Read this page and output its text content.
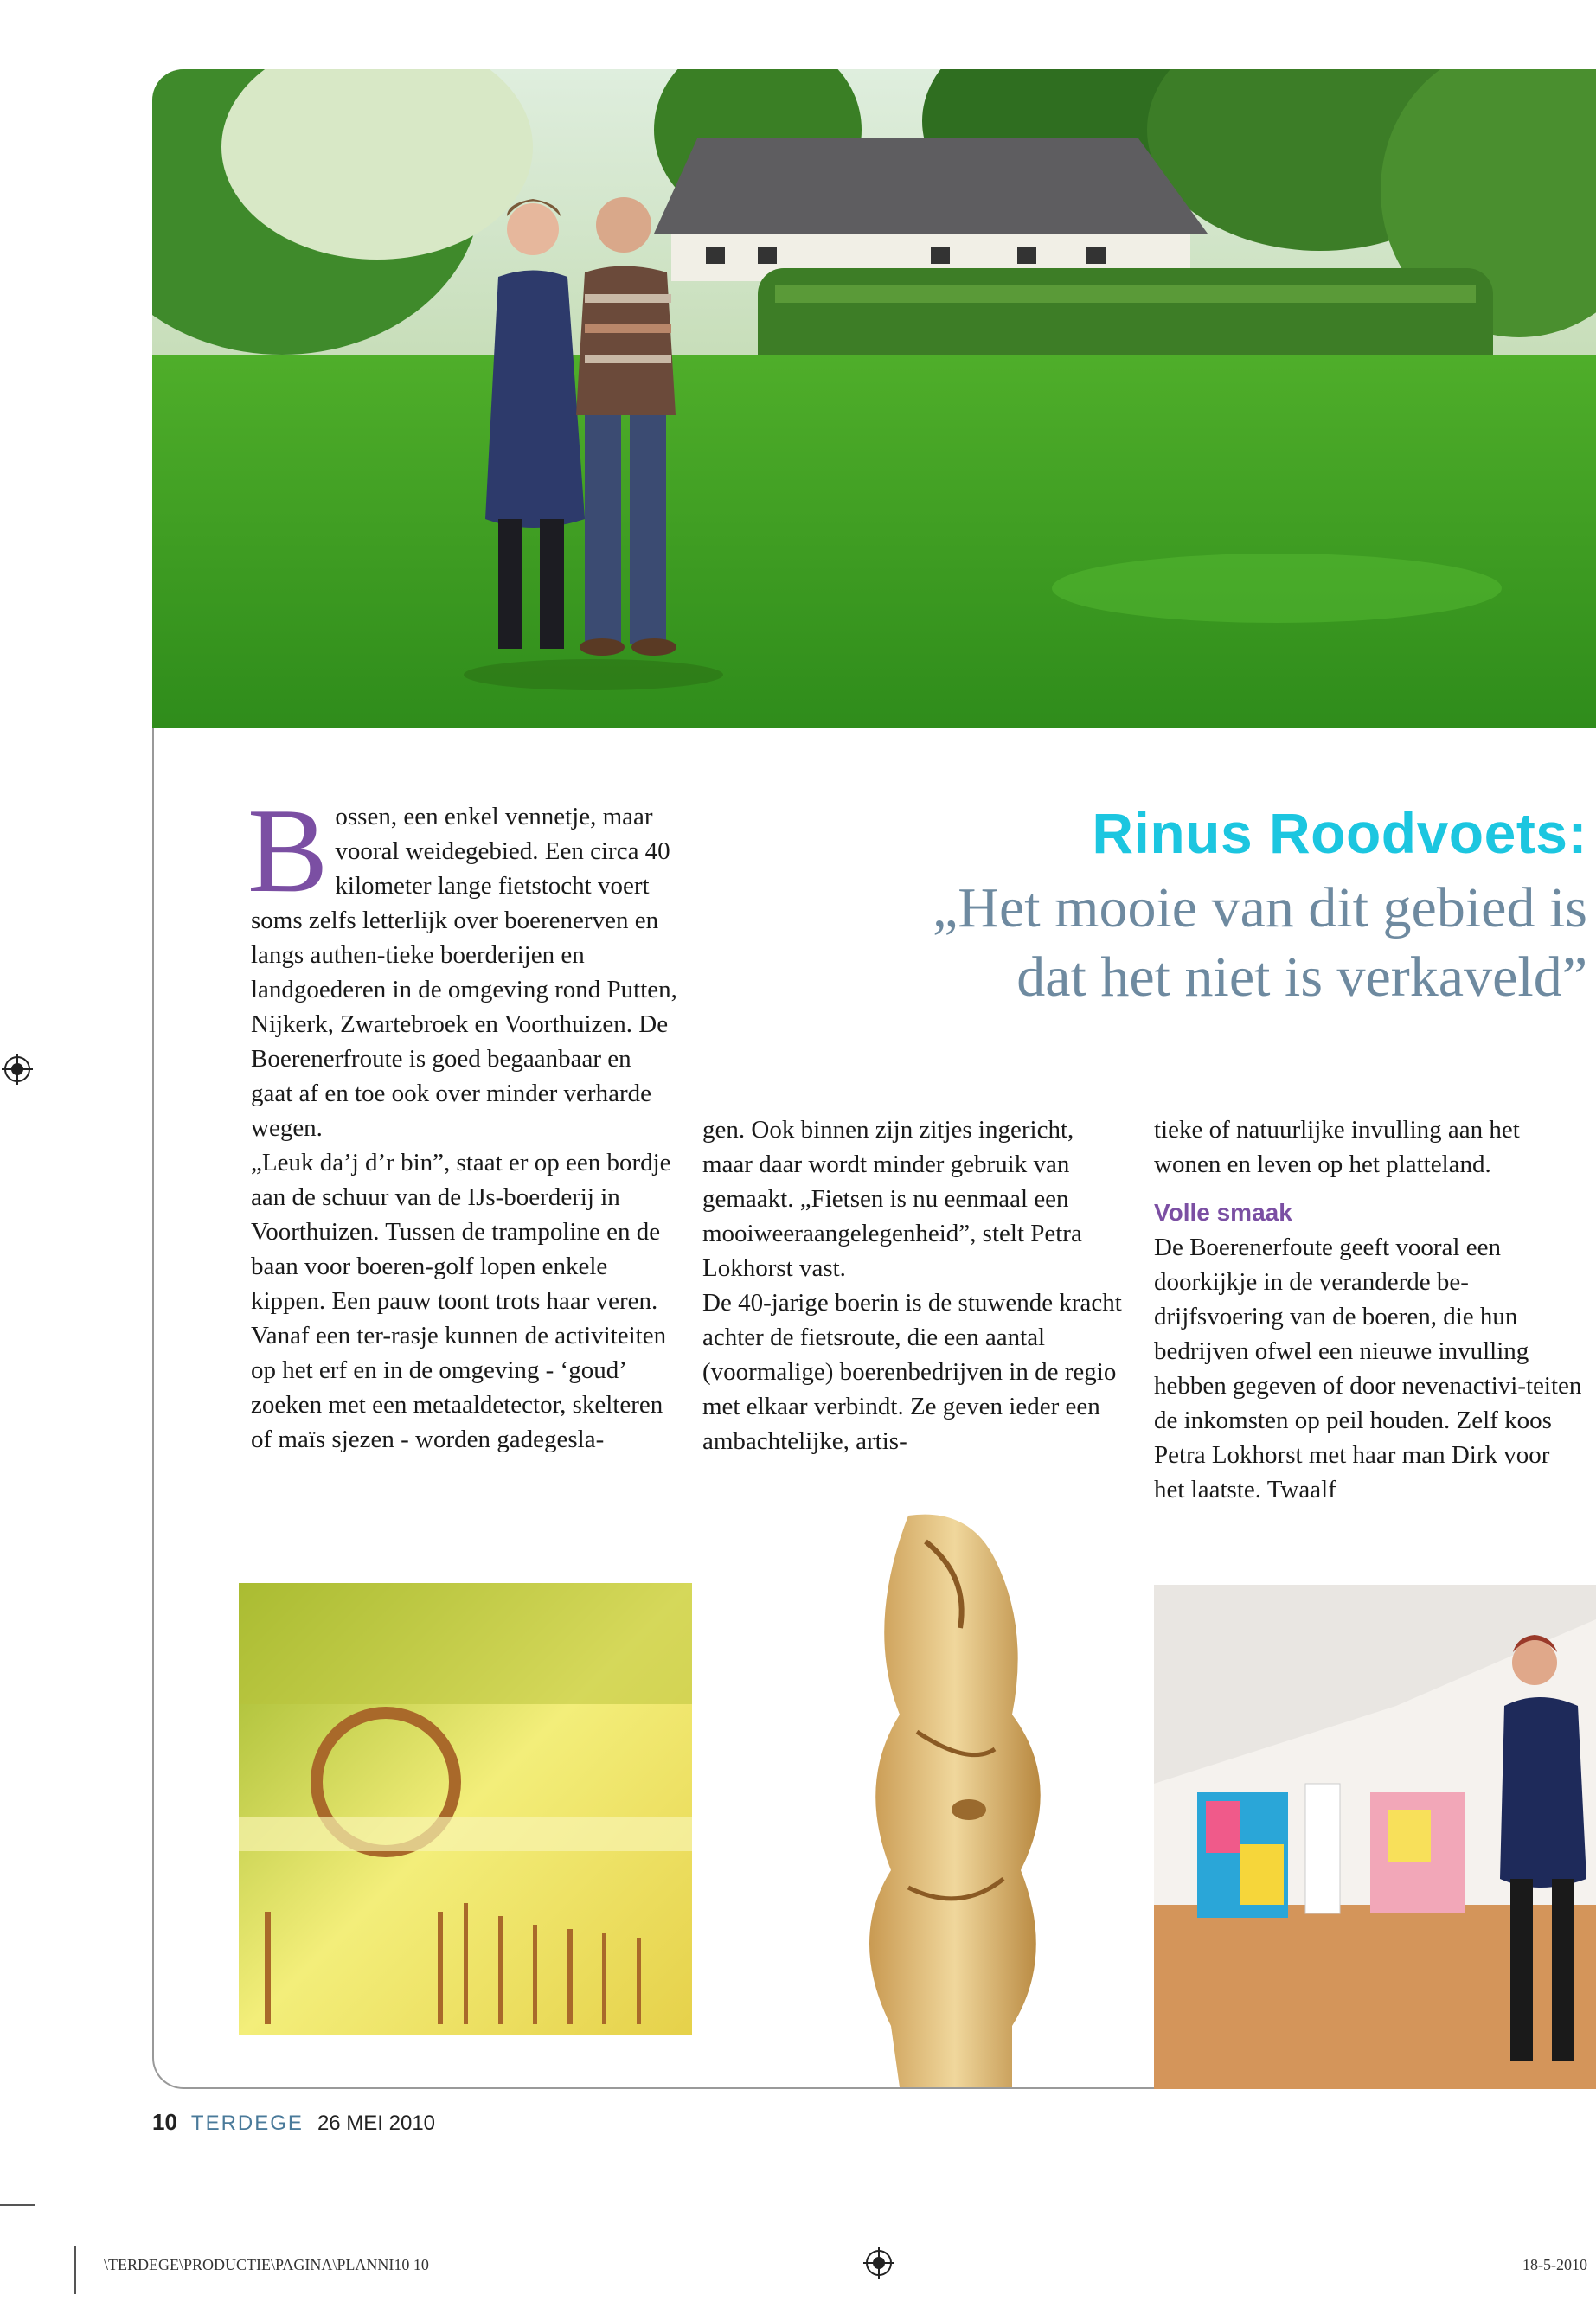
B ossen, een enkel vennetje, maar vooral weidegebied. Een circa 40 kilometer lange fietstocht voert soms zelfs letterlijk over boerenerven en langs authen-tieke boerderijen en landgoederen in de omgeving rond Putten, Nijkerk, Zwartebroek en Voorthuizen. De Boerenerfroute is goed begaanbaar en gaat af en toe ook over minder verharde wegen.

„Leuk da’j d’r bin”, staat er op een bordje aan de schuur van de IJs-boerderij in Voorthuizen. Tussen de trampoline en de baan voor boeren-golf lopen enkele kippen. Een pauw toont trots haar veren. Vanaf een ter-rasje kunnen de activiteiten op het erf en in de omgeving - ‘goud’ zoeken met een metaaldetector, skelteren of maïs sjezen - worden gadegesla-

Rinus Roodvoets:
„Het mooie van dit gebied is
dat het niet is verkaveld”

gen. Ook binnen zijn zitjes ingericht, maar daar wordt minder gebruik van gemaakt. „Fietsen is nu eenmaal een mooiweeraangelegenheid”, stelt Petra Lokhorst vast.

De 40-jarige boerin is de stuwende kracht achter de fietsroute, die een aantal (voormalige) boerenbedrijven in de regio met elkaar verbindt. Ze geven ieder een ambachtelijke, artis-

tieke of natuurlijke invulling aan het wonen en leven op het platteland.

Volle smaak

De Boerenerfoute geeft vooral een doorkijkje in de veranderde be-drijfsvoering van de boeren, die hun bedrijven ofwel een nieuwe invulling hebben gegeven of door nevenactivi-teiten de inkomsten op peil houden. Zelf koos Petra Lokhorst met haar man Dirk voor het laatste. Twaalf

10 TERDEGE 26 MEI 2010
\TERDEGE\PRODUCTIE\PAGINA\PLANNI10 10	18-5-2010
